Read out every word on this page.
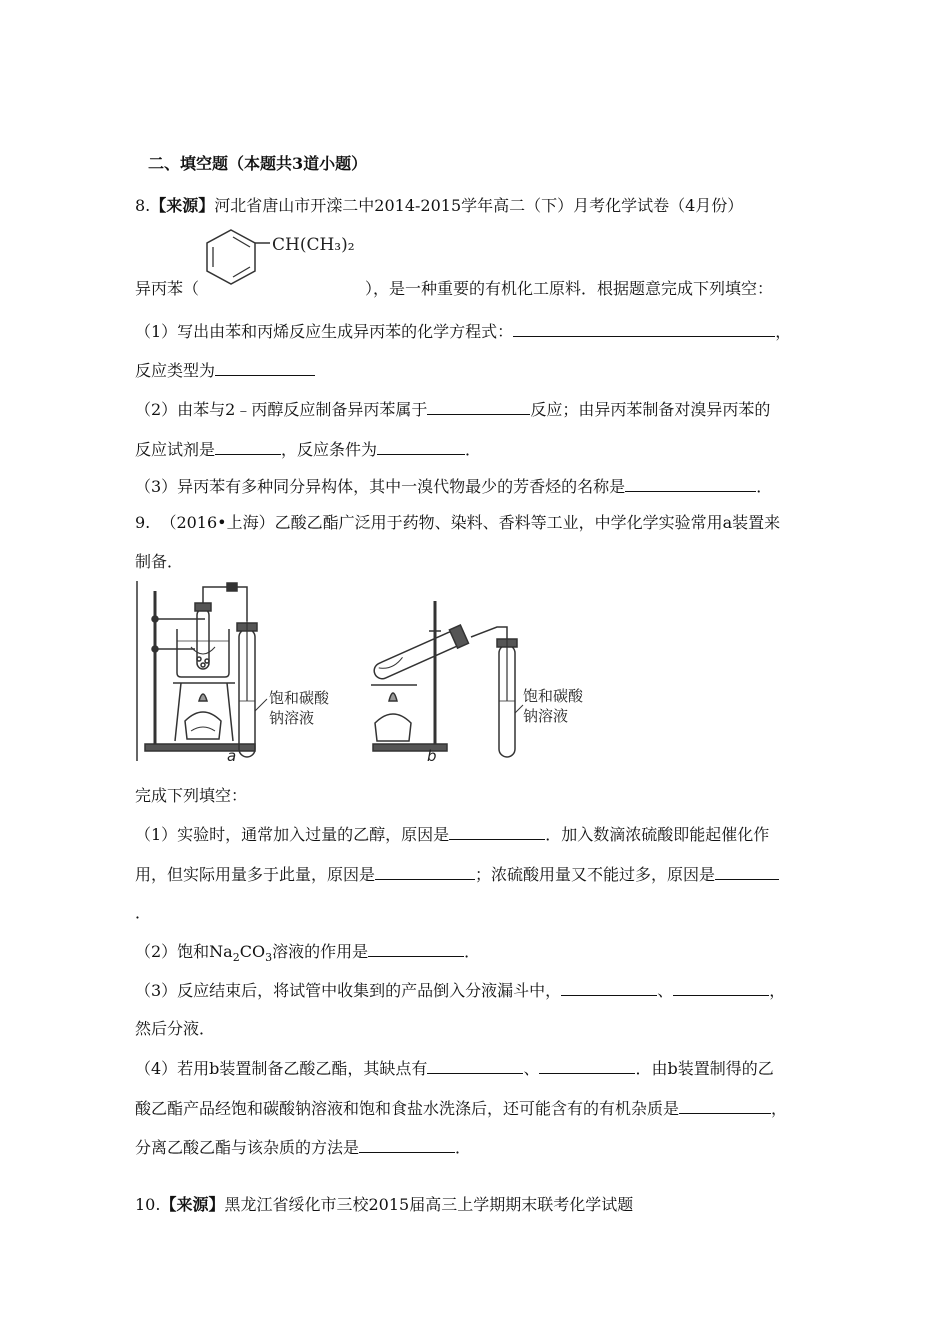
二、填空题（本题共3道小题）
8.【来源】河北省唐山市开滦二中2014-2015学年高二（下）月考化学试卷（4月份）
CH(CH₃)₂
异丙苯（	），是一种重要的有机化工原料．根据题意完成下列填空：
（1）写出由苯和丙烯反应生成异丙苯的化学方程式：	，
反应类型为
（2）由苯与2﹣丙醇反应制备异丙苯属于	反应；由异丙苯制备对溴异丙苯的
反应试剂是	，反应条件为	．
（3）异丙苯有多种同分异构体，其中一溴代物最少的芳香烃的名称是	．
9. （2016•上海）乙酸乙酯广泛用于药物、染料、香料等工业，中学化学实验常用a装置来
制备．
饱和碳酸
钠溶液
a
饱和碳酸
钠溶液
b
完成下列填空：
（1）实验时，通常加入过量的乙醇，原因是	．加入数滴浓硫酸即能起催化作
用，但实际用量多于此量，原因是	；浓硫酸用量又不能过多，原因是
．
（2）饱和$Na_2CO_3$溶液的作用是	．
（3）反应结束后，将试管中收集到的产品倒入分液漏斗中，	、	，
然后分液．
（4）若用b装置制备乙酸乙酯，其缺点有	、	．由b装置制得的乙
酸乙酯产品经饱和碳酸钠溶液和饱和食盐水洗涤后，还可能含有的有机杂质是	，
分离乙酸乙酯与该杂质的方法是	．
10.【来源】黑龙江省绥化市三校2015届高三上学期期末联考化学试题
